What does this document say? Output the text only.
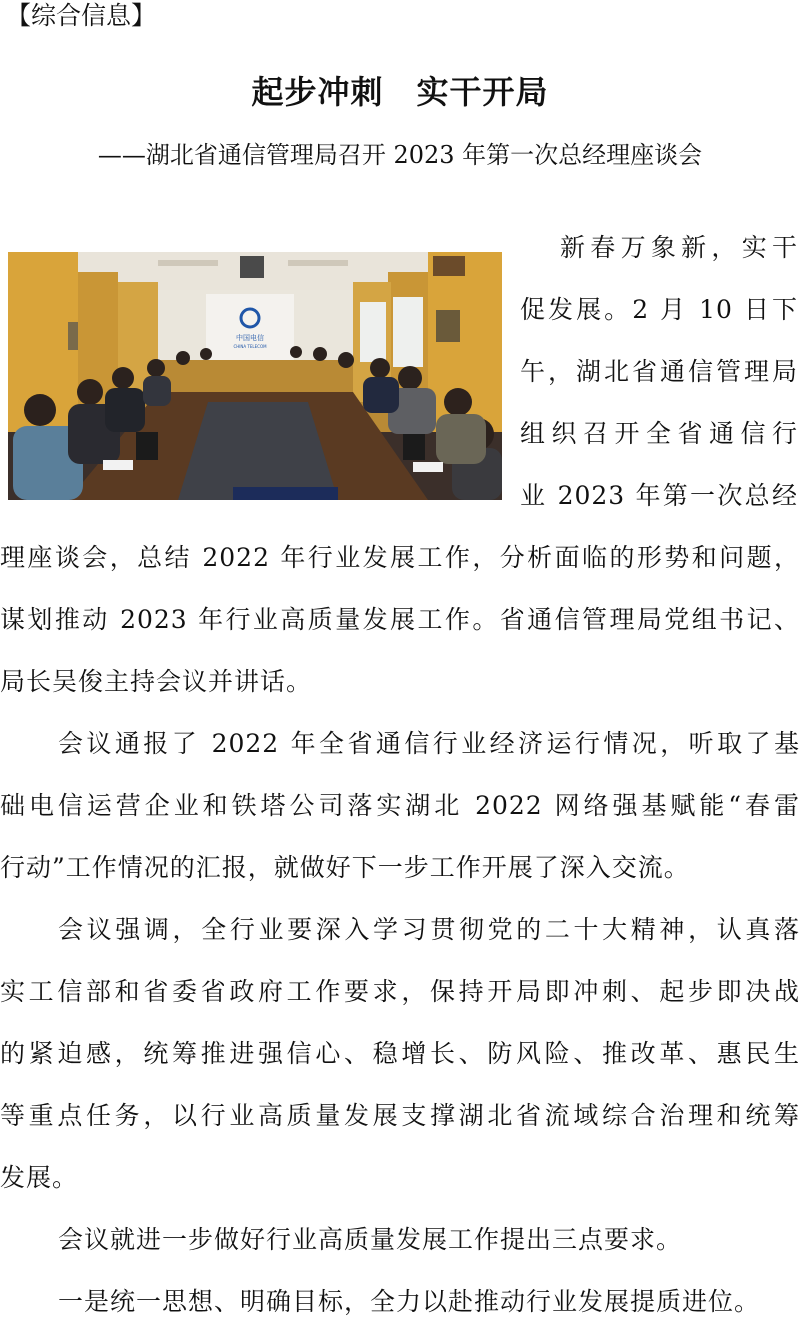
【综合信息】
起步冲刺　实干开局
——湖北省通信管理局召开 2023 年第一次总经理座谈会
中国电信
CHINA TELECOM
新春万象新，实干
促发展。2 月 10 日下
午，湖北省通信管理局
组织召开全省通信行
业 2023 年第一次总经
理座谈会，总结 2022 年行业发展工作，分析面临的形势和问题，
谋划推动 2023 年行业高质量发展工作。省通信管理局党组书记、
局长吴俊主持会议并讲话。
会议通报了 2022 年全省通信行业经济运行情况，听取了基
础电信运营企业和铁塔公司落实湖北 2022 网络强基赋能“春雷
行动”工作情况的汇报，就做好下一步工作开展了深入交流。
会议强调，全行业要深入学习贯彻党的二十大精神，认真落
实工信部和省委省政府工作要求，保持开局即冲刺、起步即决战
的紧迫感，统筹推进强信心、稳增长、防风险、推改革、惠民生
等重点任务，以行业高质量发展支撑湖北省流域综合治理和统筹
发展。
会议就进一步做好行业高质量发展工作提出三点要求。
一是统一思想、明确目标，全力以赴推动行业发展提质进位。
